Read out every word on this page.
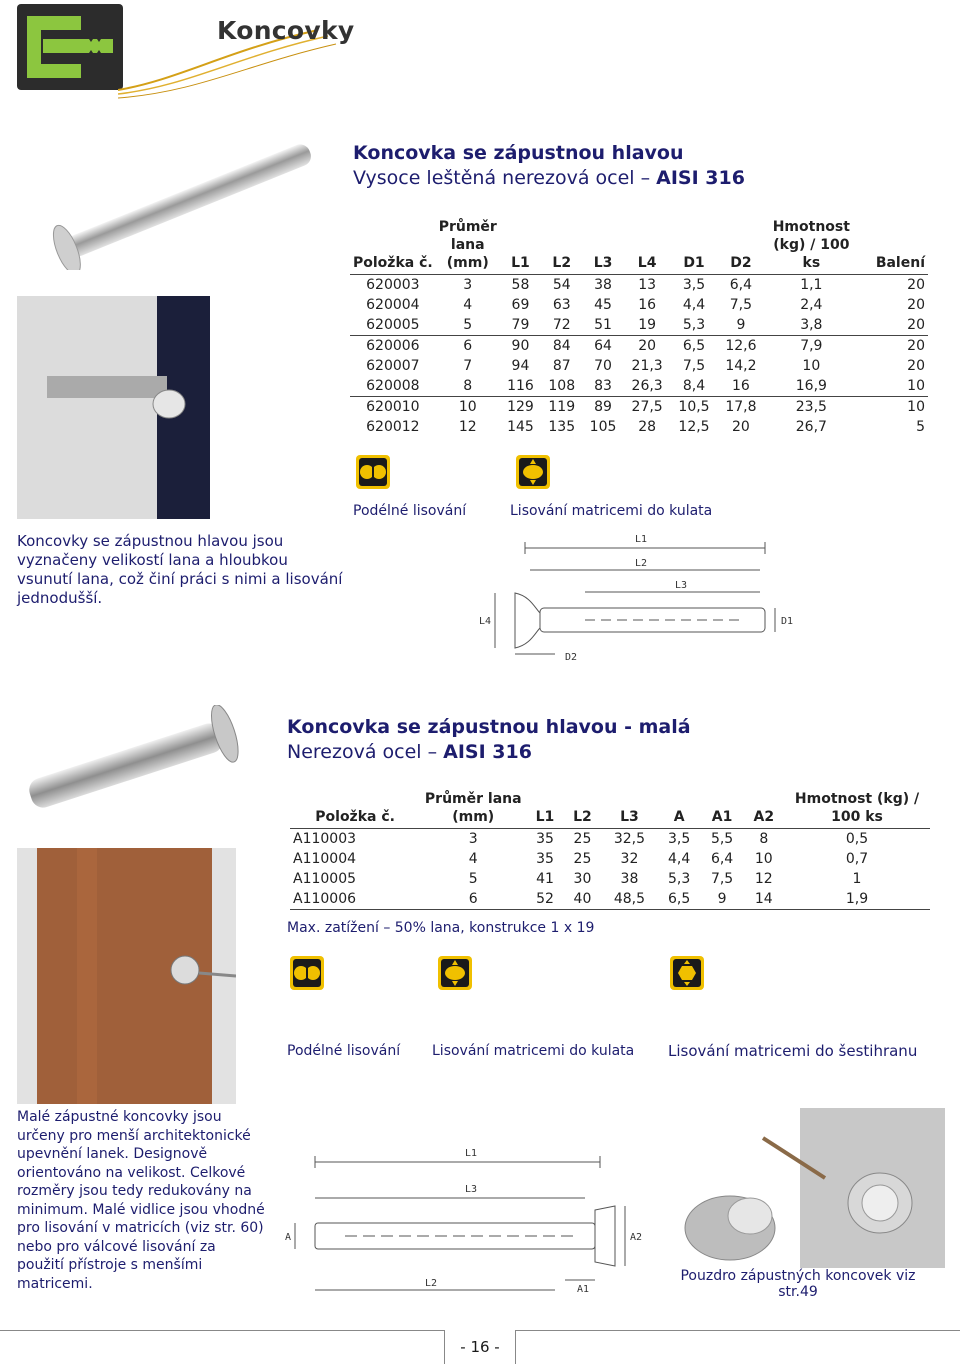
Koncovky
Koncovka se zápustnou hlavou
Vysoce leštěná nerezová ocel – AISI 316
Položka č.	Průměr lana (mm)	L1	L2	L3	L4	D1	D2	Hmotnost (kg) / 100 ks	Balení
620003	3	58	54	38	13	3,5	6,4	1,1	20
620004	4	69	63	45	16	4,4	7,5	2,4	20
620005	5	79	72	51	19	5,3	9	3,8	20
620006	6	90	84	64	20	6,5	12,6	7,9	20
620007	7	94	87	70	21,3	7,5	14,2	10	20
620008	8	116	108	83	26,3	8,4	16	16,9	10
620010	10	129	119	89	27,5	10,5	17,8	23,5	10
620012	12	145	135	105	28	12,5	20	26,7	5
Podélné lisování	Lisování matricemi do kulata
Koncovky se zápustnou hlavou jsou vyznačeny velikostí lana a hloubkou vsunutí lana, což činí práci s nimi a lisování jednodušší.
L1
L2
L3
L4	D1
D2
Koncovka se zápustnou hlavou - malá
Nerezová ocel – AISI 316
Položka č.	Průměr lana (mm)	L1	L2	L3	A	A1	A2	Hmotnost (kg) / 100 ks
A110003	3	35	25	32,5	3,5	5,5	8	0,5
A110004	4	35	25	32	4,4	6,4	10	0,7
A110005	5	41	30	38	5,3	7,5	12	1
A110006	6	52	40	48,5	6,5	9	14	1,9
Max. zatížení – 50% lana, konstrukce 1 x 19
Podélné lisování Lisování matricemi do kulata Lisování matricemi do šestihranu
Malé zápustné koncovky jsou určeny pro menší architektonické upevnění lanek. Designově orientováno na velikost. Celkové rozměry jsou tedy redukovány na minimum. Malé vidlice jsou vhodné pro lisování v matricích (viz str. 60) nebo pro válcové lisování za použití přístroje s menšími matricemi.
L1
L3
A	A2
L2
A1
Pouzdro zápustných koncovek viz str.49
- 16 -
